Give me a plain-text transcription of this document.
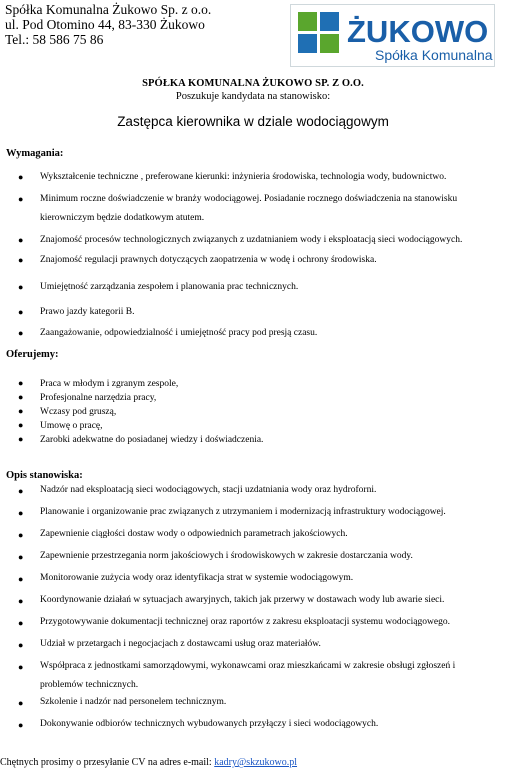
Spółka Komunalna Żukowo Sp. z o.o.
ul. Pod Otomino 44, 83-330 Żukowo
Tel.: 58 586 75 86	ŻUKOWO
Spółka Komunalna
SPÓŁKA KOMUNALNA ŻUKOWO SP. Z O.O.
Poszukuje kandydata na stanowisko:
Zastępca kierownika w dziale wodociągowym
Wymagania:
● Wykształcenie techniczne , preferowane kierunki: inżynieria środowiska, technologia wody, budownictwo.
● Minimum roczne doświadczenie w branży wodociągowej. Posiadanie rocznego doświadczenia na stanowisku kierowniczym będzie dodatkowym atutem.
● Znajomość procesów technologicznych związanych z uzdatnianiem wody i eksploatacją sieci wodociągowych.
● Znajomość regulacji prawnych dotyczących zaopatrzenia w wodę i ochrony środowiska.
● Umiejętność zarządzania zespołem i planowania prac technicznych.
● Prawo jazdy kategorii B.
● Zaangażowanie, odpowiedzialność i umiejętność pracy pod presją czasu.
Oferujemy:
● Praca w młodym i zgranym zespole,
● Profesjonalne narzędzia pracy,
● Wczasy pod gruszą,
● Umowę o pracę,
● Zarobki adekwatne do posiadanej wiedzy i doświadczenia.
Opis stanowiska:
● Nadzór nad eksploatacją sieci wodociągowych, stacji uzdatniania wody oraz hydroforni.
● Planowanie i organizowanie prac związanych z utrzymaniem i modernizacją infrastruktury wodociągowej.
● Zapewnienie ciągłości dostaw wody o odpowiednich parametrach jakościowych.
● Zapewnienie przestrzegania norm jakościowych i środowiskowych w zakresie dostarczania wody.
● Monitorowanie zużycia wody oraz identyfikacja strat w systemie wodociągowym.
● Koordynowanie działań w sytuacjach awaryjnych, takich jak przerwy w dostawach wody lub awarie sieci.
● Przygotowywanie dokumentacji technicznej oraz raportów z zakresu eksploatacji systemu wodociągowego.
● Udział w przetargach i negocjacjach z dostawcami usług oraz materiałów.
● Współpraca z jednostkami samorządowymi, wykonawcami oraz mieszkańcami w zakresie obsługi zgłoszeń i problemów technicznych.
● Szkolenie i nadzór nad personelem technicznym.
● Dokonywanie odbiorów technicznych wybudowanych przyłączy i sieci wodociągowych.
Chętnych prosimy o przesyłanie CV na adres e-mail: kadry@skzukowo.pl
